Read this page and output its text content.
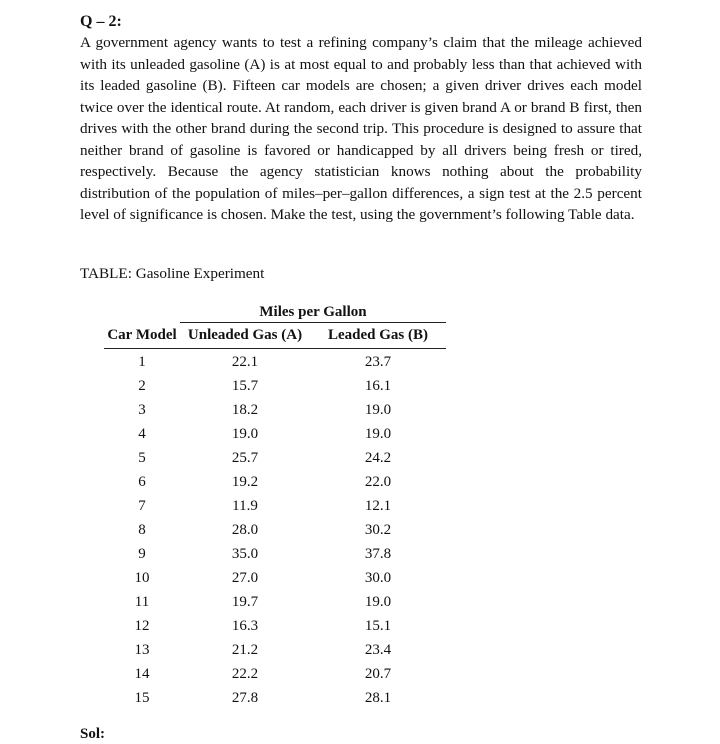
Q – 2:

A government agency wants to test a refining company’s claim that the mileage achieved with its unleaded gasoline (A) is at most equal to and probably less than that achieved with its leaded gasoline (B). Fifteen car models are chosen; a given driver drives each model twice over the identical route. At random, each driver is given brand A or brand B first, then drives with the other brand during the second trip. This procedure is designed to assure that neither brand of gasoline is favored or handicapped by all drivers being fresh or tired, respectively. Because the agency statistician knows nothing about the probability distribution of the population of miles–per–gallon differences, a sign test at the 2.5 percent level of significance is chosen. Make the test, using the government’s following Table data.

TABLE: Gasoline Experiment

	Miles per Gallon	
Car Model	Unleaded Gas (A)	Leaded Gas (B)
1	22.1	23.7
2	15.7	16.1
3	18.2	19.0
4	19.0	19.0
5	25.7	24.2
6	19.2	22.0
7	11.9	12.1
8	28.0	30.2
9	35.0	37.8
10	27.0	30.0
11	19.7	19.0
12	16.3	15.1
13	21.2	23.4
14	22.2	20.7
15	27.8	28.1
Sol:
